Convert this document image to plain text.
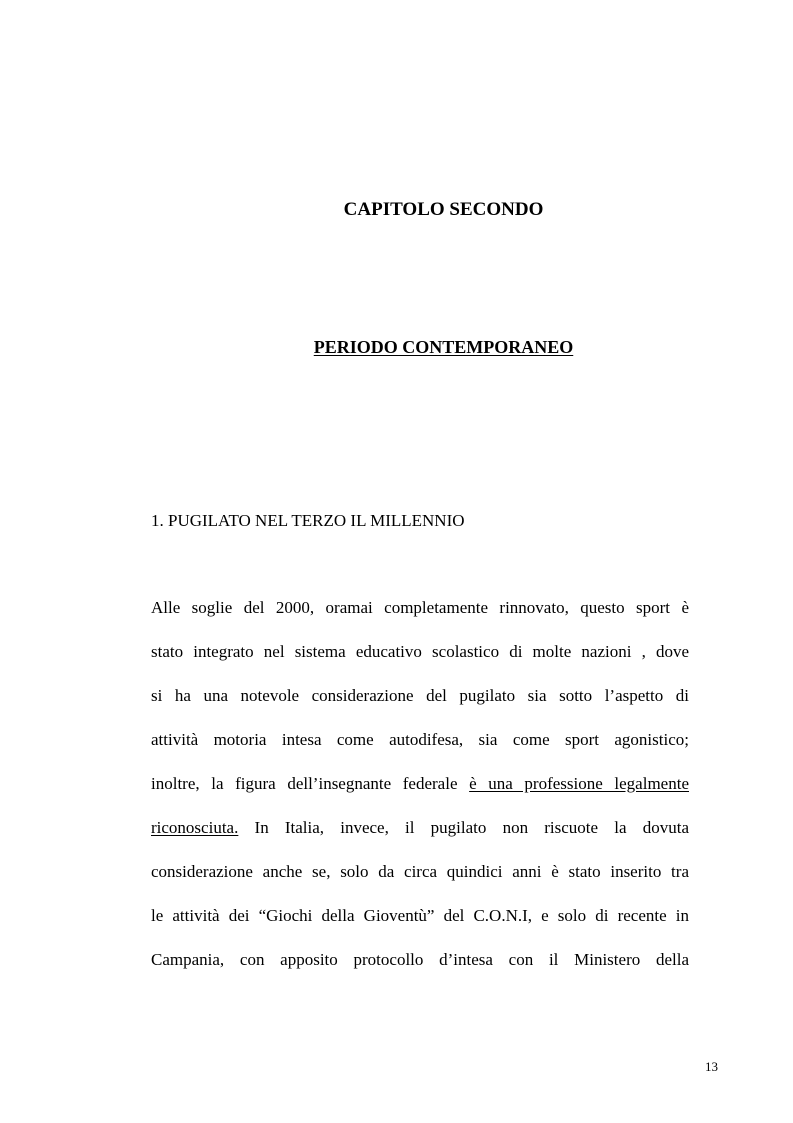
CAPITOLO SECONDO
PERIODO CONTEMPORANEO
1. PUGILATO NEL TERZO IL MILLENNIO
Alle soglie del 2000, oramai completamente rinnovato, questo sport è
stato integrato nel sistema educativo scolastico di molte nazioni , dove
si ha una notevole considerazione del pugilato sia sotto l’aspetto di
attività motoria intesa come autodifesa, sia come sport agonistico;
inoltre, la figura dell’insegnante federale è una professione legalmente
riconosciuta. In Italia, invece, il pugilato non riscuote la dovuta
considerazione anche se, solo da circa quindici anni è stato inserito tra
le attività dei “Giochi della Gioventù” del C.O.N.I, e solo di recente in
Campania, con apposito protocollo d’intesa con il Ministero della
13
